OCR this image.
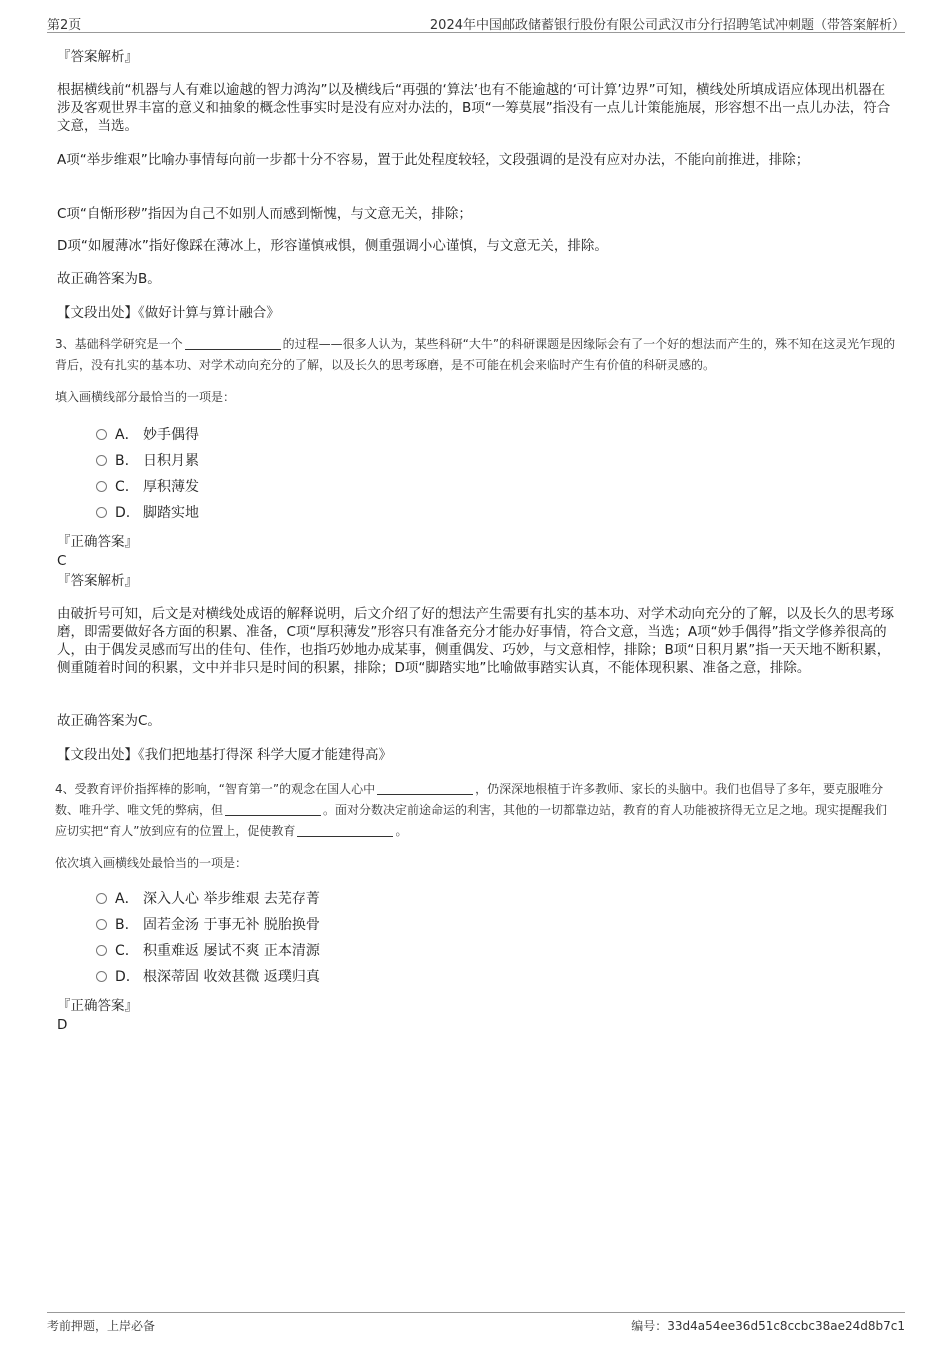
第2页	2024年中国邮政储蓄银行股份有限公司武汉市分行招聘笔试冲刺题（带答案解析）
『答案解析』
根据横线前“机器与人有难以逾越的智力鸿沟”以及横线后“再强的‘算法’也有不能逾越的‘可计算’边界”可知，横线处所填成语应体现出机器在涉及客观世界丰富的意义和抽象的概念性事实时是没有应对办法的，B项“一筹莫展”指没有一点儿计策能施展，形容想不出一点儿办法，符合文意，当选。
A项“举步维艰”比喻办事情每向前一步都十分不容易，置于此处程度较轻，文段强调的是没有应对办法，不能向前推进，排除；
C项“自惭形秽”指因为自己不如别人而感到惭愧，与文意无关，排除；
D项“如履薄冰”指好像踩在薄冰上，形容谨慎戒惧，侧重强调小心谨慎，与文意无关，排除。
故正确答案为B。
【文段出处】《做好计算与算计融合》
3、基础科学研究是一个	的过程——很多人认为，某些科研“大牛”的科研课题是因缘际会有了一个好的想法而产生的，殊不知在这灵光乍现的背后，没有扎实的基本功、对学术动向充分的了解，以及长久的思考琢磨，是不可能在机会来临时产生有价值的科研灵感的。
填入画横线部分最恰当的一项是：
A． 妙手偶得
B. 日积月累
C. 厚积薄发
D. 脚踏实地
『正确答案』
C
『答案解析』
由破折号可知，后文是对横线处成语的解释说明，后文介绍了好的想法产生需要有扎实的基本功、对学术动向充分的了解，以及长久的思考琢磨，即需要做好各方面的积累、准备，C项“厚积薄发”形容只有准备充分才能办好事情，符合文意，当选；A项“妙手偶得”指文学修养很高的人，由于偶发灵感而写出的佳句、佳作，也指巧妙地办成某事，侧重偶发、巧妙，与文意相悖，排除；B项“日积月累”指一天天地不断积累，侧重随着时间的积累，文中并非只是时间的积累，排除；D项“脚踏实地”比喻做事踏实认真，不能体现积累、准备之意，排除。
故正确答案为C。
【文段出处】《我们把地基打得深 科学大厦才能建得高》
4、受教育评价指挥棒的影响，“智育第一”的观念在国人心中	，仍深深地根植于许多教师、家长的头脑中。我们也倡导了多年，要克服唯分数、唯升学、唯文凭的弊病，但	。面对分数决定前途命运的利害，其他的一切都靠边站，教育的育人功能被挤得无立足之地。现实提醒我们应切实把“育人”放到应有的位置上，促使教育	。
依次填入画横线处最恰当的一项是：
A． 深入人心 举步维艰 去芜存菁
B. 固若金汤 于事无补 脱胎换骨
C. 积重难返 屡试不爽 正本清源
D. 根深蒂固 收效甚微 返璞归真
『正确答案』
D
考前押题，上岸必备	编号：33d4a54ee36d51c8ccbc38ae24d8b7c1
